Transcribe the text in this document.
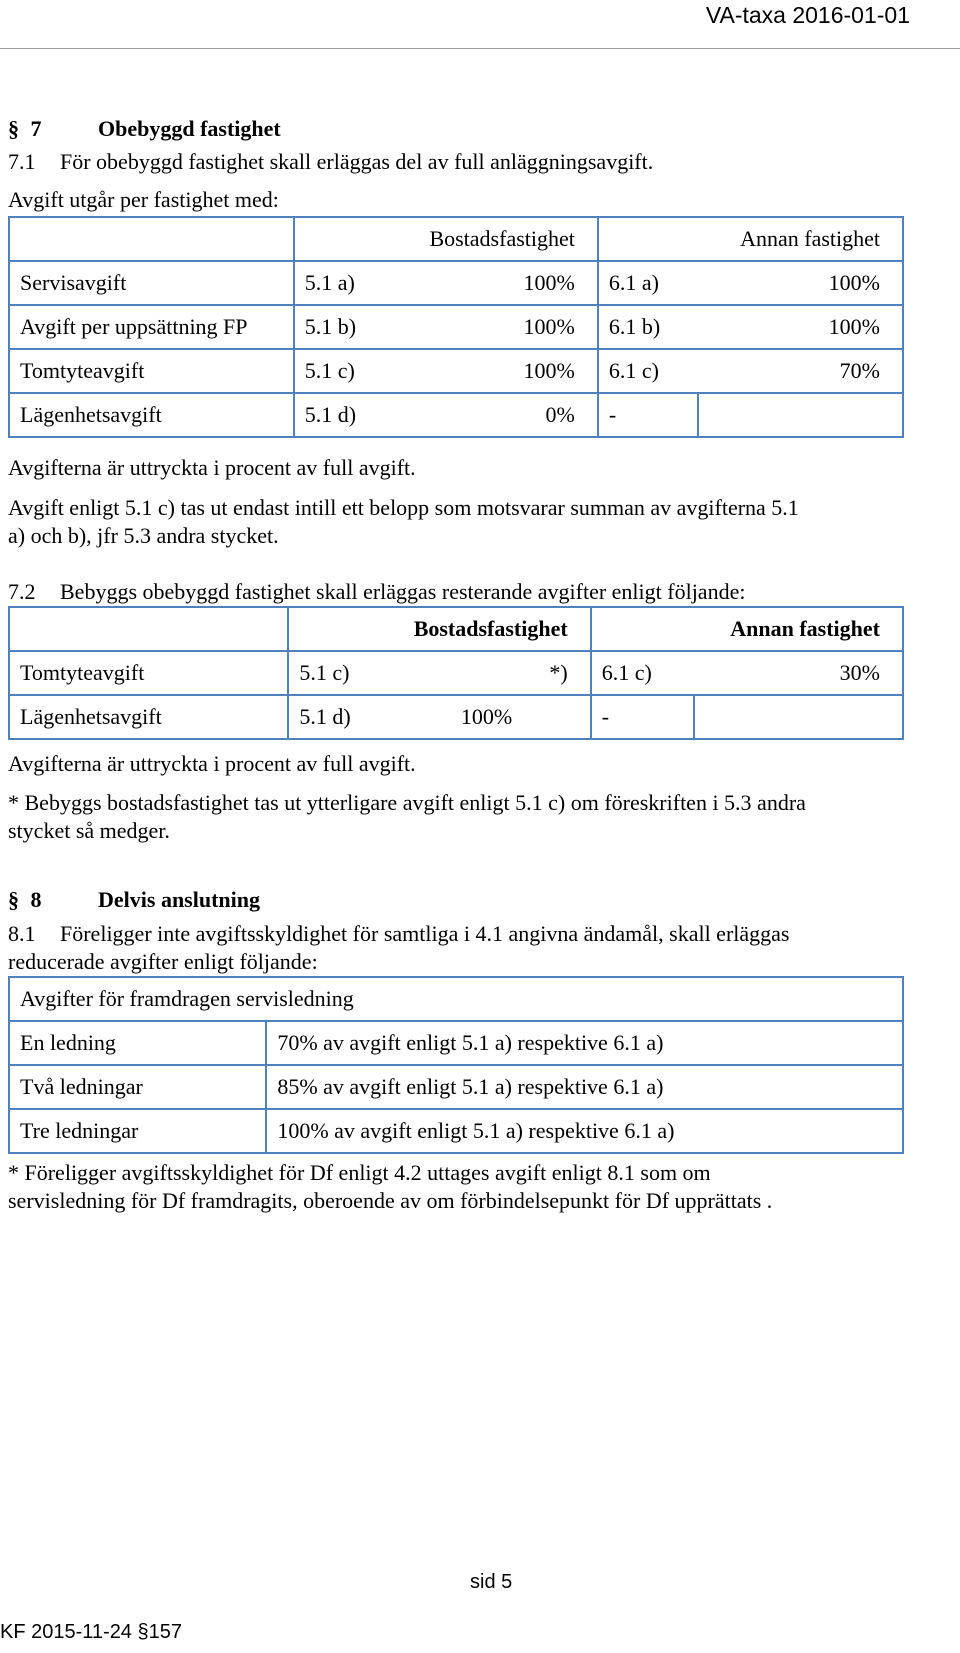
VA-taxa 2016-01-01
§ 7	Obebyggd fastighet
7.1 För obebyggd fastighet skall erläggas del av full anläggningsavgift.
Avgift utgår per fastighet med:
	Bostadsfastighet		Annan fastighet	
Servisavgift	5.1 a)	100%	6.1 a)	100%
Avgift per uppsättning FP	5.1 b)	100%	6.1 b)	100%
Tomtyteavgift	5.1 c)	100%	6.1 c)	70%
Lägenhetsavgift	5.1 d)	0%	-	
Avgifterna är uttryckta i procent av full avgift.
Avgift enligt 5.1 c) tas ut endast intill ett belopp som motsvarar summan av avgifterna 5.1
a) och b), jfr 5.3 andra stycket.
7.2 Bebyggs obebyggd fastighet skall erläggas resterande avgifter enligt följande:
	Bostadsfastighet		Annan fastighet	
Tomtyteavgift	5.1 c)	*)	6.1 c)	30%
Lägenhetsavgift	5.1 d)	100%	-	
Avgifterna är uttryckta i procent av full avgift.
* Bebyggs bostadsfastighet tas ut ytterligare avgift enligt 5.1 c) om föreskriften i 5.3 andra
stycket så medger.
§ 8	Delvis anslutning
8.1 Föreligger inte avgiftsskyldighet för samtliga i 4.1 angivna ändamål, skall erläggas
reducerade avgifter enligt följande:
Avgifter för framdragen servisledning	
En ledning	70% av avgift enligt 5.1 a) respektive 6.1 a)
Två ledningar	85% av avgift enligt 5.1 a) respektive 6.1 a)
Tre ledningar	100% av avgift enligt 5.1 a) respektive 6.1 a)
* Föreligger avgiftsskyldighet för Df enligt 4.2 uttages avgift enligt 8.1 som om
servisledning för Df framdragits, oberoende av om förbindelsepunkt för Df upprättats .
sid 5
KF 2015-11-24 §157
